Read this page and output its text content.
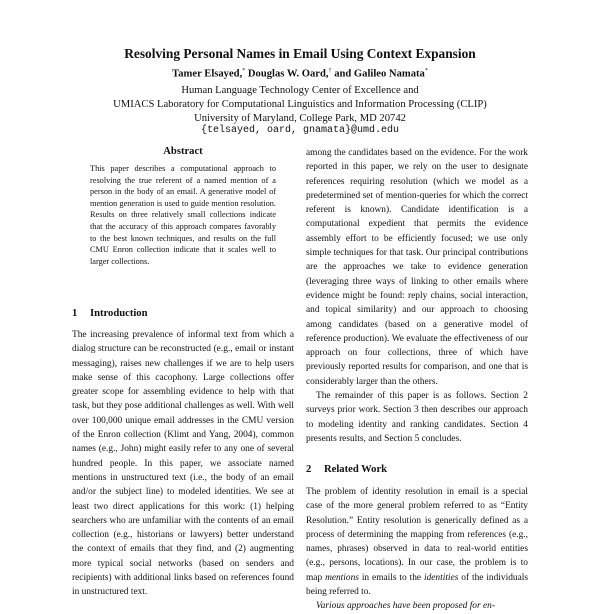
Resolving Personal Names in Email Using Context Expansion
Tamer Elsayed,* Douglas W. Oard,† and Galileo Namata*
Human Language Technology Center of Excellence and
UMIACS Laboratory for Computational Linguistics and Information Processing (CLIP)
University of Maryland, College Park, MD 20742
{telsayed, oard, gnamata}@umd.edu
Abstract

This paper describes a computational approach to resolving the true referent of a named mention of a person in the body of an email. A generative model of mention generation is used to guide mention resolution. Results on three relatively small collections indicate that the accuracy of this approach compares favorably to the best known techniques, and results on the full CMU Enron collection indicate that it scales well to larger collections.

1 Introduction

The increasing prevalence of informal text from which a dialog structure can be reconstructed (e.g., email or instant messaging), raises new challenges if we are to help users make sense of this cacophony. Large collections offer greater scope for assembling evidence to help with that task, but they pose additional challenges as well. With well over 100,000 unique email addresses in the CMU version of the Enron collection (Klimt and Yang, 2004), common names (e.g., John) might easily refer to any one of several hundred people. In this paper, we associate named mentions in unstructured text (i.e., the body of an email and/or the subject line) to modeled identities. We see at least two direct applications for this work: (1) helping searchers who are unfamiliar with the contents of an email collection (e.g., historians or lawyers) better understand the context of emails that they find, and (2) augmenting more typical social networks (based on senders and recipients) with additional links based on references found in unstructured text.

among the candidates based on the evidence. For the work reported in this paper, we rely on the user to designate references requiring resolution (which we model as a predetermined set of mention-queries for which the correct referent is known). Candidate identification is a computational expedient that permits the evidence assembly effort to be efficiently focused; we use only simple techniques for that task. Our principal contributions are the approaches we take to evidence generation (leveraging three ways of linking to other emails where evidence might be found: reply chains, social interaction, and topical similarity) and our approach to choosing among candidates (based on a generative model of reference production). We evaluate the effectiveness of our approach on four collections, three of which have previously reported results for comparison, and one that is considerably larger than the others.

The remainder of this paper is as follows. Section 2 surveys prior work. Section 3 then describes our approach to modeling identity and ranking candidates. Section 4 presents results, and Section 5 concludes.

2 Related Work

The problem of identity resolution in email is a special case of the more general problem referred to as “Entity Resolution.” Entity resolution is generically defined as a process of determining the mapping from references (e.g., names, phrases) observed in data to real-world entities (e.g., persons, locations). In our case, the problem is to map mentions in emails to the identities of the individuals being referred to.
Various approaches have been proposed for en-
